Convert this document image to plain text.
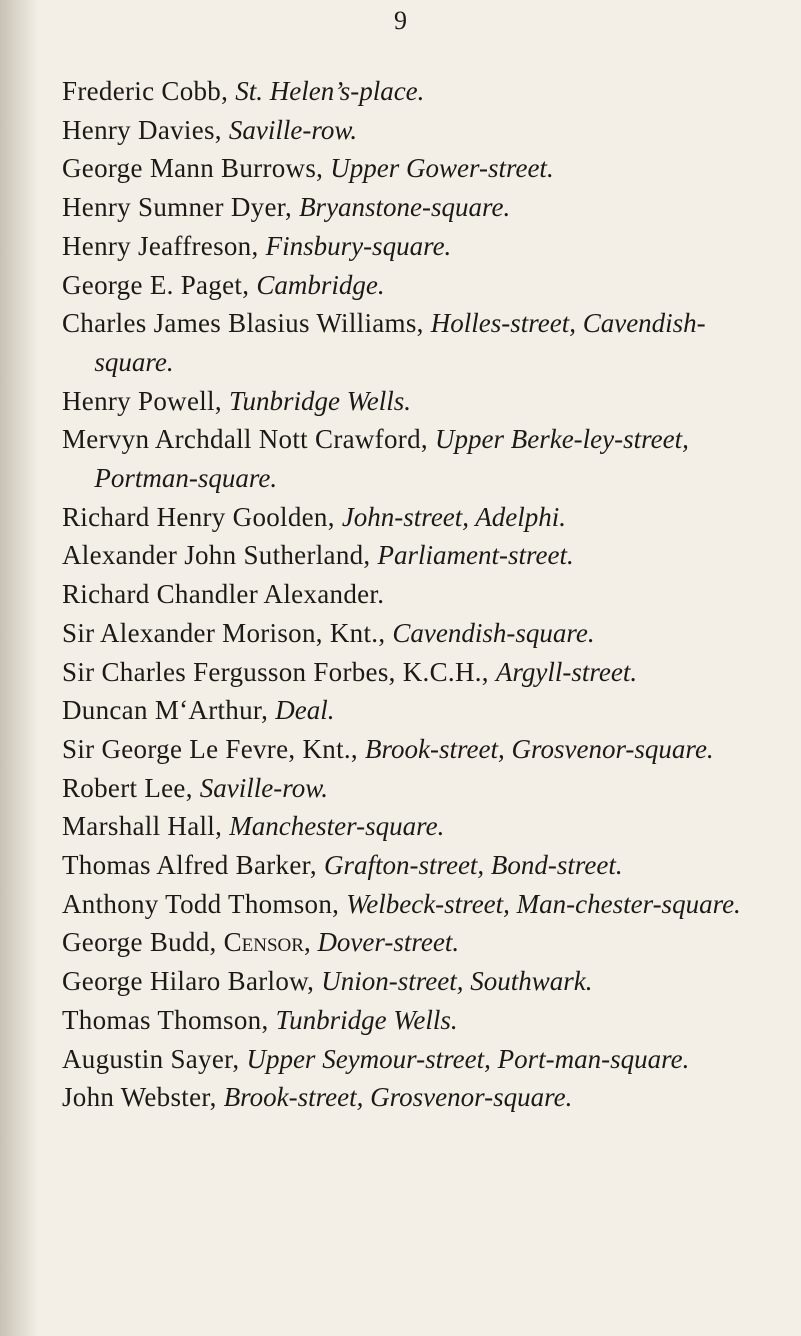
9
Frederic Cobb, St. Helen’s-place.
Henry Davies, Saville-row.
George Mann Burrows, Upper Gower-street.
Henry Sumner Dyer, Bryanstone-square.
Henry Jeaffreson, Finsbury-square.
George E. Paget, Cambridge.
Charles James Blasius Williams, Holles-street, Cavendish-square.
Henry Powell, Tunbridge Wells.
Mervyn Archdall Nott Crawford, Upper Berke-ley-street, Portman-square.
Richard Henry Goolden, John-street, Adelphi.
Alexander John Sutherland, Parliament-street.
Richard Chandler Alexander.
Sir Alexander Morison, Knt., Cavendish-square.
Sir Charles Fergusson Forbes, K.C.H., Argyll-street.
Duncan M‘Arthur, Deal.
Sir George Le Fevre, Knt., Brook-street, Grosvenor-square.
Robert Lee, Saville-row.
Marshall Hall, Manchester-square.
Thomas Alfred Barker, Grafton-street, Bond-street.
Anthony Todd Thomson, Welbeck-street, Man-chester-square.
George Budd, Censor, Dover-street.
George Hilaro Barlow, Union-street, Southwark.
Thomas Thomson, Tunbridge Wells.
Augustin Sayer, Upper Seymour-street, Port-man-square.
John Webster, Brook-street, Grosvenor-square.
